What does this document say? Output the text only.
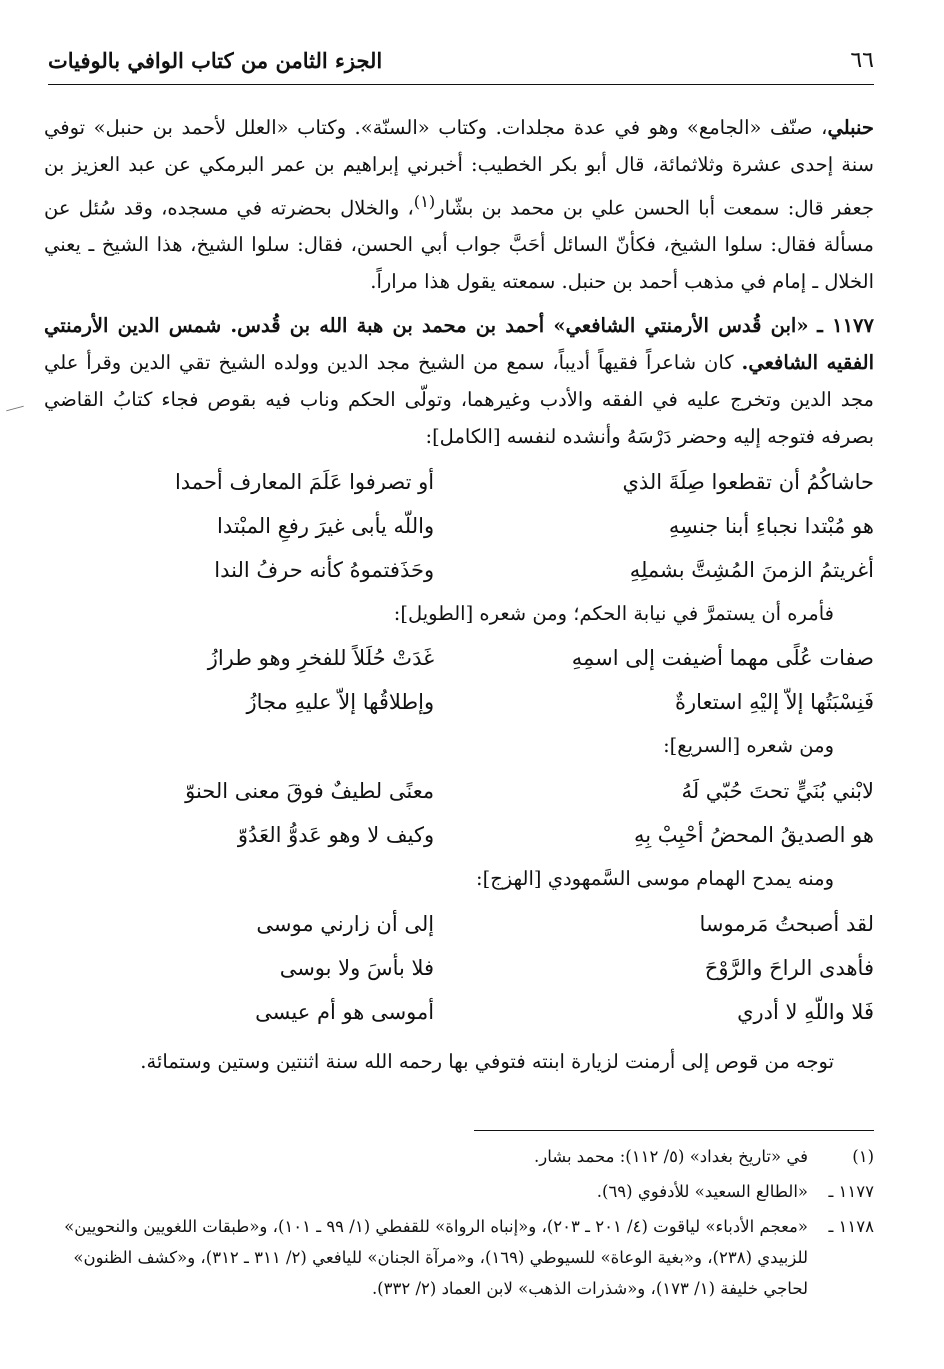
٦٦
الجزء الثامن من كتاب الوافي بالوفيات

حنبلي، صنّف «الجامع» وهو في عدة مجلدات. وكتاب «السنّة». وكتاب «العلل لأحمد بن حنبل» توفي سنة إحدى عشرة وثلاثمائة، قال أبو بكر الخطيب: أخبرني إبراهيم بن عمر البرمكي عن عبد العزيز بن جعفر قال: سمعت أبا الحسن علي بن محمد بن بشّار$^{(١)}$، والخلال بحضرته في مسجده، وقد سُئل عن مسألة فقال: سلوا الشيخ، فكأنّ السائل أحَبَّ جواب أبي الحسن، فقال: سلوا الشيخ، هذا الشيخ ـ يعني الخلال ـ إمام في مذهب أحمد بن حنبل. سمعته يقول هذا مراراً.

١١٧٧ ـ «ابن قُدس الأرمنتي الشافعي» أحمد بن محمد بن هبة الله بن قُدس. شمس الدين الأرمنتي الفقيه الشافعي. كان شاعراً فقيهاً أديباً، سمع من الشيخ مجد الدين وولده الشيخ تقي الدين وقرأ علي مجد الدين وتخرج عليه في الفقه والأدب وغيرهما، وتولّى الحكم وناب فيه بقوص فجاء كتابُ القاضي بصرفه فتوجه إليه وحضر دَرْسَهُ وأنشده لنفسه [الكامل]:

حاشاكُمُ أن تقطعوا صِلَةَ الذي
أو تصرفوا عَلَمَ المعارف أحمدا
هو مُبْتدا نجباءِ أبنا جنسِهِ
واللّه يأبى غيرَ رفعِ المبْتدا
أغريتمُ الزمنَ المُشِتَّ بشملِهِ
وحَذَفتموهُ كأنه حرفُ الندا

فأمره أن يستمرَّ في نيابة الحكم؛ ومن شعره [الطويل]:

صفات عُلًى مهما أضيفت إلى اسمِهِ
غَدَتْ حُلَلاً للفخرِ وهو طرازُ
فَنِسْبَتُها إلاّ إليْهِ استعارةٌ
وإطلاقُها إلاّ عليهِ مجازُ

ومن شعره [السريع]:

لابْني بُنَيٍّ تحتَ حُبّي لَهُ
معنًى لطيفٌ فوقَ معنى الحنوّ
هو الصديقُ المحضُ أحْبِبْ بِهِ
وكيف لا وهو عَدوُّ العَدُوّ

ومنه يمدح الهمام موسى السَّمهودي [الهزج]:

لقد أصبحتُ مَرموسا
إلى أن زارني موسى
فأهدى الراحَ والرَّوْحَ
فلا بأسَ ولا بوسى
فَلا واللّهِ لا أدري
أموسى هو أم عيسى

توجه من قوص إلى أرمنت لزيارة ابنته فتوفي بها رحمه الله سنة اثنتين وستين وستمائة.

(١)
في «تاريخ بغداد» (٥/ ١١٢): محمد بشار.
١١٧٧ ـ
«الطالع السعيد» للأدفوي (٦٩).
١١٧٨ ـ
«معجم الأدباء» لياقوت (٤/ ٢٠١ ـ ٢٠٣)، و«إنباه الرواة» للقفطي (١/ ٩٩ ـ ١٠١)، و«طبقات اللغويين والنحويين» للزبيدي (٢٣٨)، و«بغية الوعاة» للسيوطي (١٦٩)، و«مرآة الجنان» لليافعي (٢/ ٣١١ ـ ٣١٢)، و«كشف الظنون» لحاجي خليفة (١/ ١٧٣)، و«شذرات الذهب» لابن العماد (٢/ ٣٣٢).
